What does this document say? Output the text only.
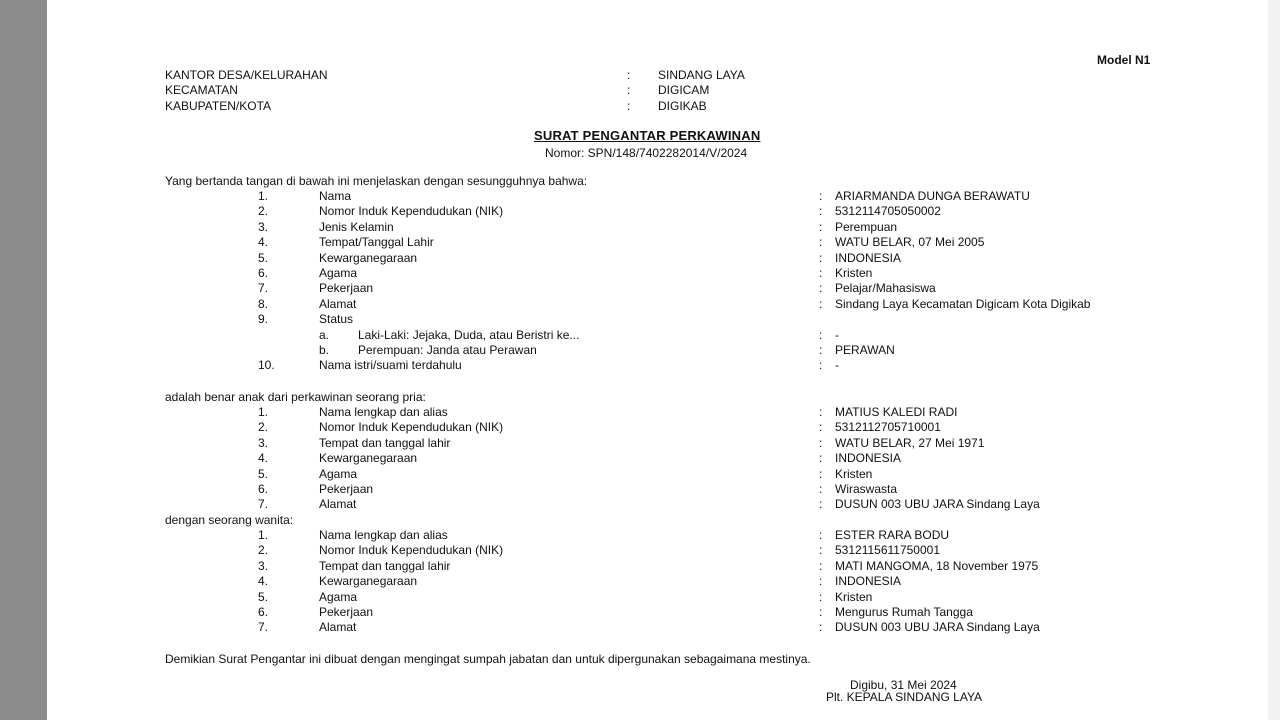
Model N1
KANTOR DESA/KELURAHAN	: SINDANG LAYA
KECAMATAN	: DIGICAM
KABUPATEN/KOTA	: DIGIKAB
SURAT PENGANTAR PERKAWINAN
Nomor: SPN/148/7402282014/V/2024
Yang bertanda tangan di bawah ini menjelaskan dengan sesungguhnya bahwa:
1.	Nama	: ARIARMANDA DUNGA BERAWATU
2.	Nomor Induk Kependudukan (NIK)	: 5312114705050002
3.	Jenis Kelamin	: Perempuan
4.	Tempat/Tanggal Lahir	: WATU BELAR, 07 Mei 2005
5.	Kewarganegaraan	: INDONESIA
6.	Agama	: Kristen
7.	Pekerjaan	: Pelajar/Mahasiswa
8.	Alamat	: Sindang Laya Kecamatan Digicam Kota Digikab
9.	Status
a. Laki-Laki: Jejaka, Duda, atau Beristri ke...	: -
b. Perempuan: Janda atau Perawan	: PERAWAN
10.	Nama istri/suami terdahulu	: -
adalah benar anak dari perkawinan seorang pria:
1.	Nama lengkap dan alias	: MATIUS KALEDI RADI
2.	Nomor Induk Kependudukan (NIK)	: 5312112705710001
3.	Tempat dan tanggal lahir	: WATU BELAR, 27 Mei 1971
4.	Kewarganegaraan	: INDONESIA
5.	Agama	: Kristen
6.	Pekerjaan	: Wiraswasta
7.	Alamat	: DUSUN 003 UBU JARA Sindang Laya
dengan seorang wanita:
1.	Nama lengkap dan alias	: ESTER RARA BODU
2.	Nomor Induk Kependudukan (NIK)	: 5312115611750001
3.	Tempat dan tanggal lahir	: MATI MANGOMA, 18 November 1975
4.	Kewarganegaraan	: INDONESIA
5.	Agama	: Kristen
6.	Pekerjaan	: Mengurus Rumah Tangga
7.	Alamat	: DUSUN 003 UBU JARA Sindang Laya
Demikian Surat Pengantar ini dibuat dengan mengingat sumpah jabatan dan untuk dipergunakan sebagaimana mestinya.
Digibu, 31 Mei 2024
Plt. KEPALA SINDANG LAYA
